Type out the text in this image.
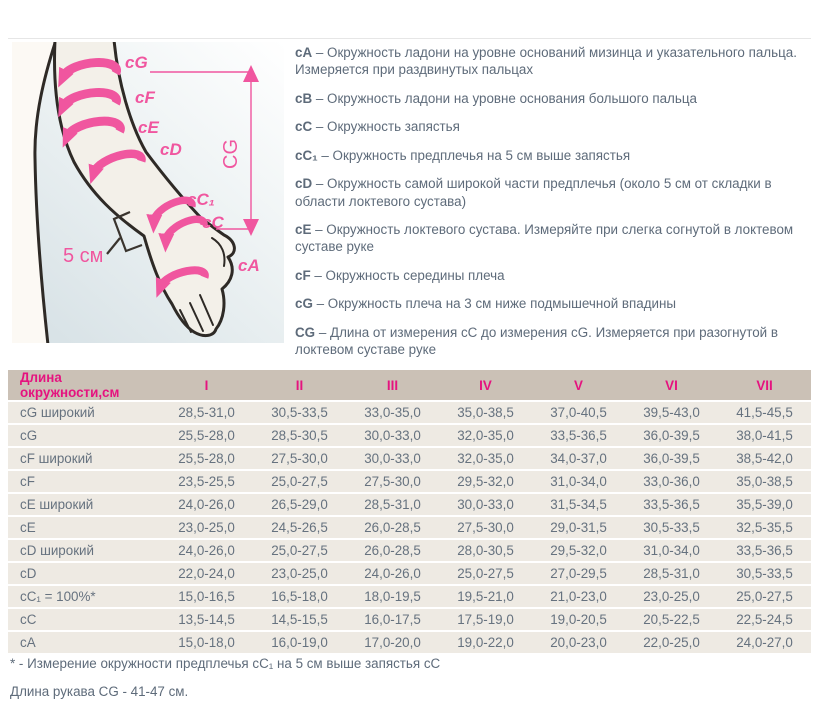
cG
cF
cE
cD
cC₁
cC
cA
CG
5 см

cA – Окружность ладони на уровне оснований мизинца и указательного пальца. Измеряется при раздвинутых пальцах

cB – Окружность ладони на уровне основания большого пальца

cC – Окружность запястья

cC₁ – Окружность предплечья на 5 см выше запястья

cD – Окружность самой широкой части предплечья (около 5 см от складки в области локтевого сустава)

cE – Окружность локтевого сустава. Измеряйте при слегка согнутой в локтевом суставе руке

cF – Окружность середины плеча

cG – Окружность плеча на 3 см ниже подмышечной впадины

CG – Длина от измерения cC до измерения cG. Измеряется при разогнутой в локтевом суставе руке

Длина окружности,см	I	II	III	IV	V	VI	VII
cG широкий	28,5-31,0	30,5-33,5	33,0-35,0	35,0-38,5	37,0-40,5	39,5-43,0	41,5-45,5
cG	25,5-28,0	28,5-30,5	30,0-33,0	32,0-35,0	33,5-36,5	36,0-39,5	38,0-41,5
cF широкий	25,5-28,0	27,5-30,0	30,0-33,0	32,0-35,0	34,0-37,0	36,0-39,5	38,5-42,0
cF	23,5-25,5	25,0-27,5	27,5-30,0	29,5-32,0	31,0-34,0	33,0-36,0	35,0-38,5
cE широкий	24,0-26,0	26,5-29,0	28,5-31,0	30,0-33,0	31,5-34,5	33,5-36,5	35,5-39,0
cE	23,0-25,0	24,5-26,5	26,0-28,5	27,5-30,0	29,0-31,5	30,5-33,5	32,5-35,5
cD широкий	24,0-26,0	25,0-27,5	26,0-28,5	28,0-30,5	29,5-32,0	31,0-34,0	33,5-36,5
cD	22,0-24,0	23,0-25,0	24,0-26,0	25,0-27,5	27,0-29,5	28,5-31,0	30,5-33,5
cC₁ = 100%*	15,0-16,5	16,5-18,0	18,0-19,5	19,5-21,0	21,0-23,0	23,0-25,0	25,0-27,5
cC	13,5-14,5	14,5-15,5	16,0-17,5	17,5-19,0	19,0-20,5	20,5-22,5	22,5-24,5
cA	15,0-18,0	16,0-19,0	17,0-20,0	19,0-22,0	20,0-23,0	22,0-25,0	24,0-27,0

* - Измерение окружности предплечья cC₁ на 5 см выше запястья cC

Длина рукава CG - 41-47 см.
